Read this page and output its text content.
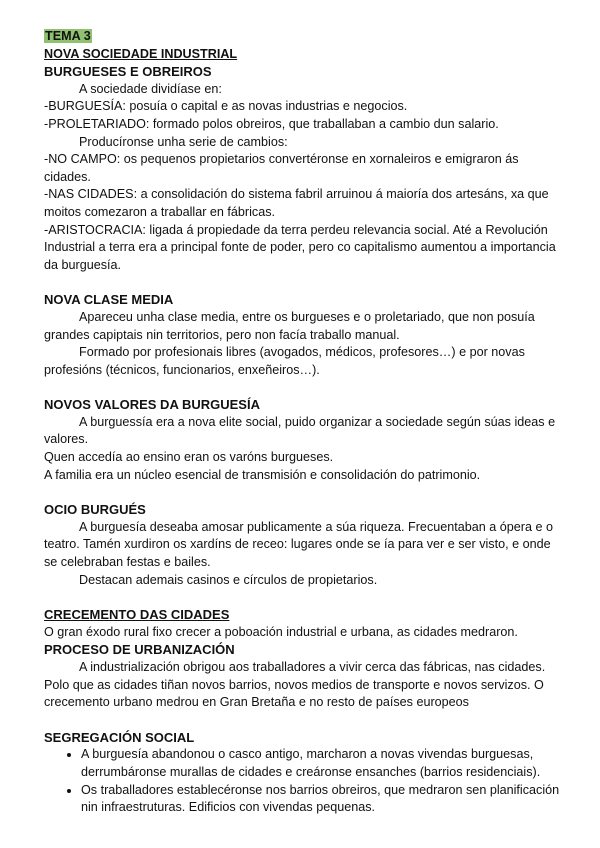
TEMA 3

NOVA SOCIEDADE INDUSTRIAL

BURGUESES E OBREIROS

A sociedade dividíase en:

-BURGUESÍA: posuía o capital e as novas industrias e negocios.

-PROLETARIADO: formado polos obreiros, que traballaban a cambio dun salario.

Producíronse unha serie de cambios:

-NO CAMPO: os pequenos propietarios convertéronse en xornaleiros e emigraron ás cidades.

-NAS CIDADES: a consolidación do sistema fabril arruinou á maioría dos artesáns, xa que moitos comezaron a traballar en fábricas.

-ARISTOCRACIA: ligada á propiedade da terra perdeu relevancia social. Até a Revolución Industrial a terra era a principal fonte de poder, pero co capitalismo aumentou a importancia da burguesía.

NOVA CLASE MEDIA

Apareceu unha clase media, entre os burgueses e o proletariado, que non posuía grandes capiptais nin territorios, pero non facía traballo manual.

Formado por profesionais libres (avogados, médicos, profesores…) e por novas profesións (técnicos, funcionarios, enxeñeiros…).

NOVOS VALORES DA BURGUESÍA

A burguessía era a nova elite social, puido organizar a sociedade según súas ideas e valores.

Quen accedía ao ensino eran os varóns burgueses.

A familia era un núcleo esencial de transmisión e consolidación do patrimonio.

OCIO BURGUÉS

A burguesía deseaba amosar publicamente a súa riqueza. Frecuentaban a ópera e o teatro. Tamén xurdiron os xardíns de receo: lugares onde se ía para ver e ser visto, e onde se celebraban festas e bailes.

Destacan ademais casinos e círculos de propietarios.

CRECEMENTO DAS CIDADES

O gran éxodo rural fixo crecer a poboación industrial e urbana, as cidades medraron.

PROCESO DE URBANIZACIÓN

A industrialización obrigou aos traballadores a vivir cerca das fábricas, nas cidades. Polo que as cidades tiñan novos barrios, novos medios de transporte e novos servizos. O crecemento urbano medrou en Gran Bretaña e no resto de países europeos

SEGREGACIÓN SOCIAL

• A burguesía abandonou o casco antigo, marcharon a novas vivendas burguesas, derrumbáronse murallas de cidades e creáronse ensanches (barrios residenciais).
• Os traballadores establecéronse nos barrios obreiros, que medraron sen planificación nin infraestruturas. Edificios con vivendas pequenas.
